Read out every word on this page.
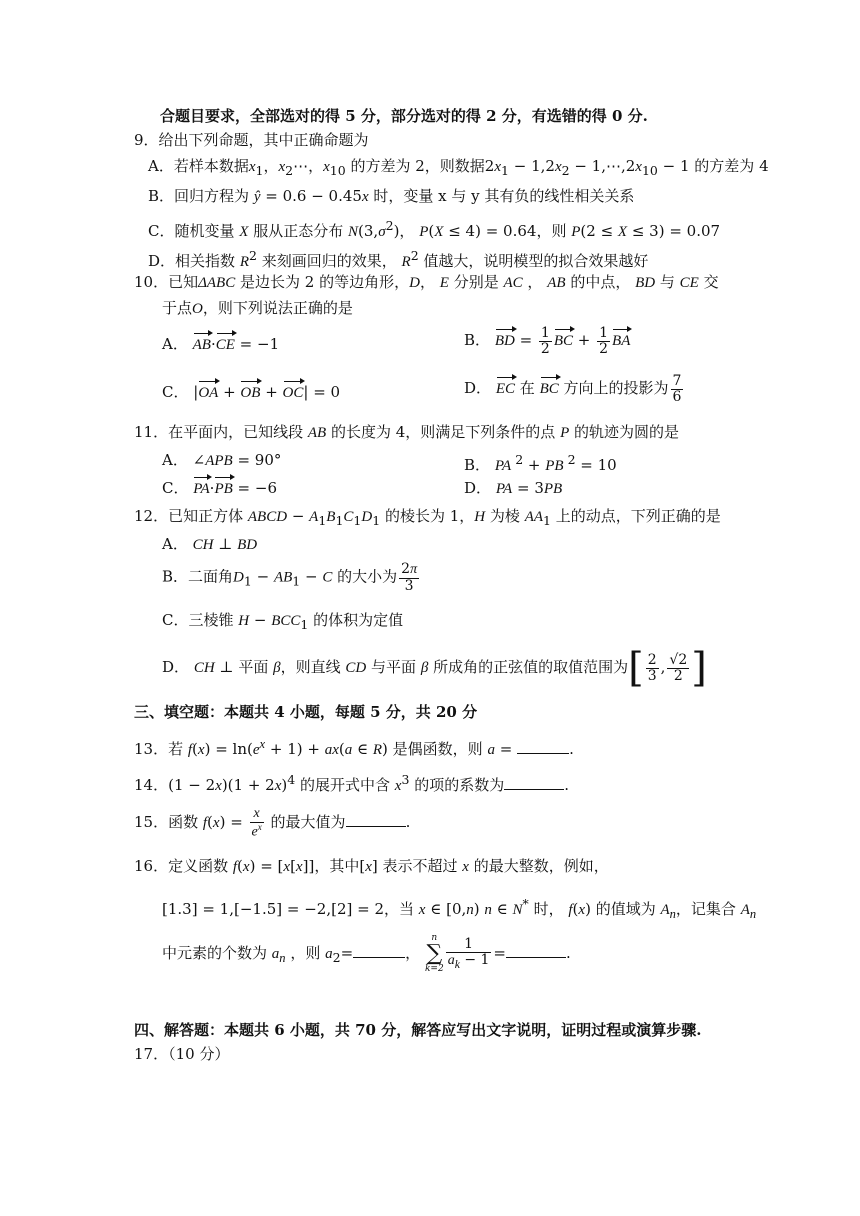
合题目要求，全部选对的得 5 分，部分选对的得 2 分，有选错的得 0 分.
9．给出下列命题，其中正确命题为
A．若样本数据$x_1$，$x_2\cdots$，$x_{10}$ 的方差为 2，则数据$2x_1 - 1,2x_2$ − $1,\cdots,2x_{10} - 1$ 的方差为 4
B．回归方程为 ŷ = 0.6 − 0.45x 时，变量 x 与 y 其有负的线性相关关系
C．随机变量 X 服从正态分布 $N(3,\sigma^2)$， P(X ≤ 4) = 0.64，则 P(2 ≤ X ≤ 3) = 0.07
D．相关指数 $R^2$ 来刻画回归的效果， $R^2$ 值越大，说明模型的拟合效果越好
10．已知ΔABC 是边长为 2 的等边角形，D， E 分别是 AC ， AB 的中点， BD 与 CE 交
于点O，则下列说法正确的是
A． AB·CE = −1	B． BD = $\frac{1}{2}$ BC + $\frac{1}{2}$ BA
C． |OA + OB + OC| = 0	D． EC 在 BC 方向上的投影为 $\frac{7}{6}$
11．在平面内，已知线段 AB 的长度为 4，则满足下列条件的点 P 的轨迹为圆的是
A． ∠APB = 90°	B． PA $^2$ + PB $^2$ = 10
C． PA·PB = −6	D． PA = 3PB
12．已知正方体 ABCD − $A_1B_1C_1D_1$ 的棱长为 1，H 为棱 $AA_1$ 上的动点，下列正确的是
A． CH ⊥ BD
B．二面角$D_1 - AB_1 - C$ 的大小为 $\frac{2\pi}{3}$
C．三棱锥 $H - BCC_1$ 的体积为定值
D． CH ⊥ 平面 β，则直线 CD 与平面 β 所成角的正弦值的取值范围为[ $\frac{2}{3}$ , $\frac{√2}{2}$ ]
三、填空题：本题共 4 小题，每题 5 分，共 20 分
13．若 $f(x) = \ln(e^x + 1) + ax(a$ ∈ R) 是偶函数，则 a =	.
14．$(1 - 2x)(1 + 2x)^4$ 的展开式中含 $x^3$ 的项的系数为	.
15．函数 $f(x) = \frac{x}{e^x}$ 的最大值为	.
16．定义函数 f(x) = [x[x]]，其中[x] 表示不超过 x 的最大整数，例如，
[1.3] = 1,[−1.5] = −2,[2] = 2，当 x ∈ [0,n) n ∈ N* 时， f(x) 的值域为 $A_n$，记集合 $A_n$
中元素的个数为 $a_n$ ，则 $a_2=$	，
n
∑
$k=2 \frac{1}{a_k - 1}$ =	.
四、解答题：本题共 6 小题，共 70 分，解答应写出文字说明，证明过程或演算步骤.
17．（10 分）
